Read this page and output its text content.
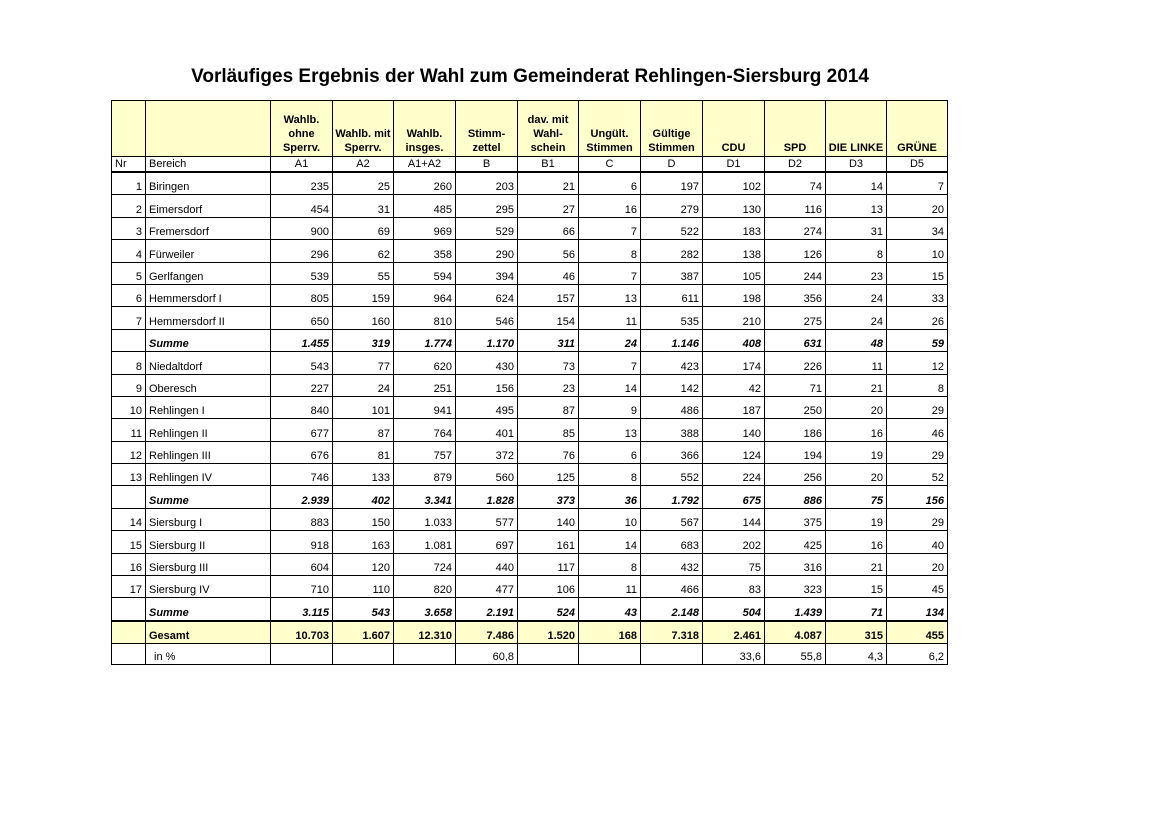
Vorläufiges Ergebnis der Wahl zum Gemeinderat Rehlingen-Siersburg 2014
		Wahlb. ohne Sperrv.	Wahlb. mit Sperrv.	Wahlb. insges.	Stimm-zettel	dav. mit Wahl-schein	Ungült. Stimmen	Gültige Stimmen	CDU	SPD	DIE LINKE	GRÜNE
Nr	Bereich	A1	A2	A1+A2	B	B1	C	D	D1	D2	D3	D5
1	Biringen	235	25	260	203	21	6	197	102	74	14	7
2	Eimersdorf	454	31	485	295	27	16	279	130	116	13	20
3	Fremersdorf	900	69	969	529	66	7	522	183	274	31	34
4	Fürweiler	296	62	358	290	56	8	282	138	126	8	10
5	Gerlfangen	539	55	594	394	46	7	387	105	244	23	15
6	Hemmersdorf I	805	159	964	624	157	13	611	198	356	24	33
7	Hemmersdorf II	650	160	810	546	154	11	535	210	275	24	26
	Summe	1.455	319	1.774	1.170	311	24	1.146	408	631	48	59
8	Niedaltdorf	543	77	620	430	73	7	423	174	226	11	12
9	Oberesch	227	24	251	156	23	14	142	42	71	21	8
10	Rehlingen I	840	101	941	495	87	9	486	187	250	20	29
11	Rehlingen II	677	87	764	401	85	13	388	140	186	16	46
12	Rehlingen III	676	81	757	372	76	6	366	124	194	19	29
13	Rehlingen IV	746	133	879	560	125	8	552	224	256	20	52
	Summe	2.939	402	3.341	1.828	373	36	1.792	675	886	75	156
14	Siersburg I	883	150	1.033	577	140	10	567	144	375	19	29
15	Siersburg II	918	163	1.081	697	161	14	683	202	425	16	40
16	Siersburg III	604	120	724	440	117	8	432	75	316	21	20
17	Siersburg IV	710	110	820	477	106	11	466	83	323	15	45
	Summe	3.115	543	3.658	2.191	524	43	2.148	504	1.439	71	134
	Gesamt	10.703	1.607	12.310	7.486	1.520	168	7.318	2.461	4.087	315	455
	in %				60,8				33,6	55,8	4,3	6,2
